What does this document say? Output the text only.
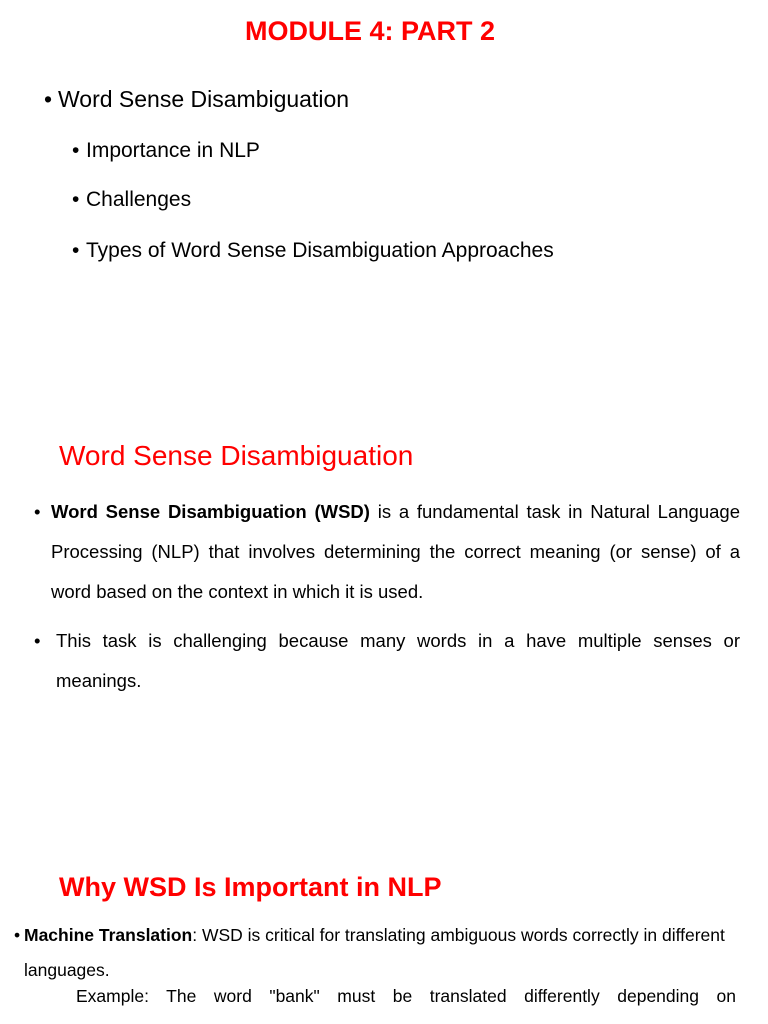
MODULE 4: PART 2
• Word Sense Disambiguation
• Importance in NLP
• Challenges
• Types of Word Sense Disambiguation Approaches
Word Sense Disambiguation
• Word Sense Disambiguation (WSD) is a fundamental task in Natural Language Processing (NLP) that involves determining the correct meaning (or sense) of a word based on the context in which it is used.
• This task is challenging because many words in a have multiple senses or meanings.
Why WSD Is Important in NLP
• Machine Translation: WSD is critical for translating ambiguous words correctly in different languages.
Example: The word "bank" must be translated differently depending on
